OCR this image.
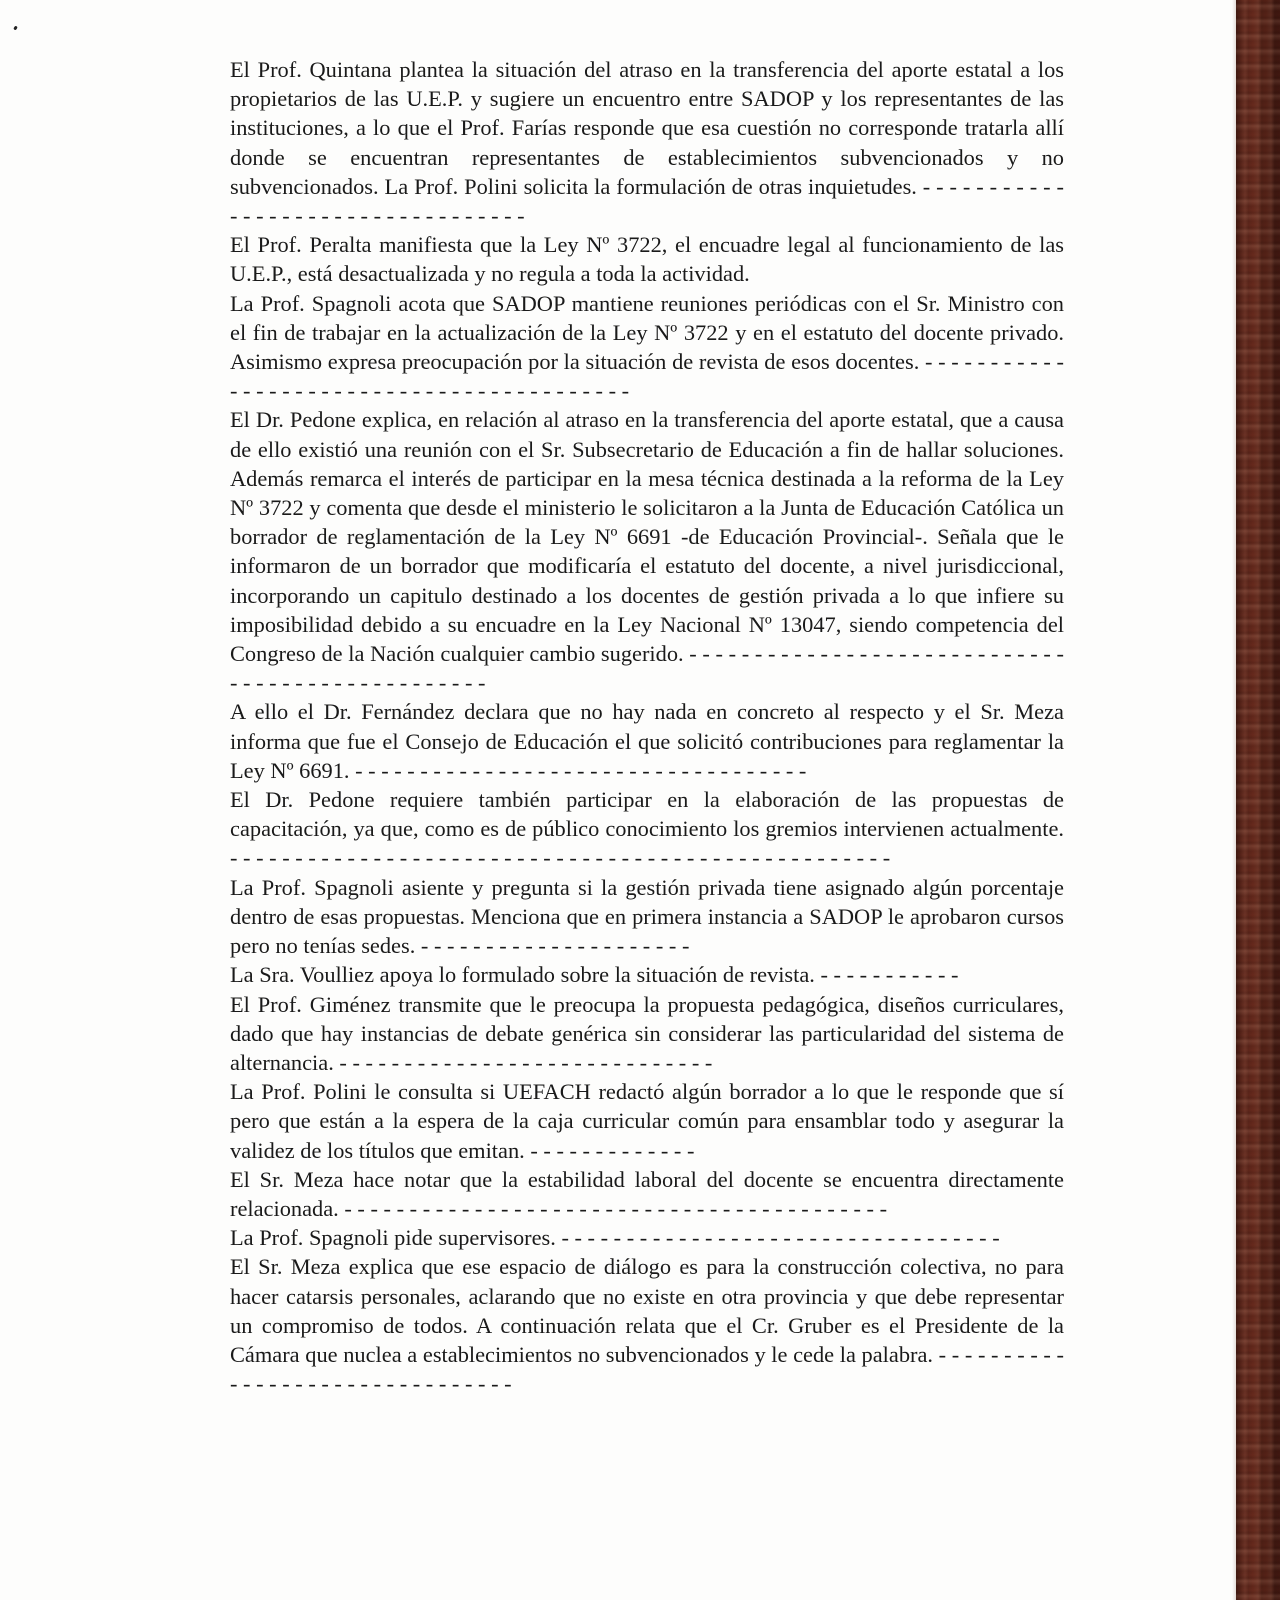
El Prof. Quintana plantea la situación del atraso en la transferencia del aporte estatal a los propietarios de las U.E.P. y sugiere un encuentro entre SADOP y los representantes de las instituciones, a lo que el Prof. Farías responde que esa cuestión no corresponde tratarla allí donde se encuentran representantes de establecimientos subvencionados y no subvencionados. La Prof. Polini solicita la formulación de otras inquietudes. - - - - - - - - - - - - - - - - - - - - - - - - - - - - - - - - - -

El Prof. Peralta manifiesta que la Ley Nº 3722, el encuadre legal al funcionamiento de las U.E.P., está desactualizada y no regula a toda la actividad.

La Prof. Spagnoli acota que SADOP mantiene reuniones periódicas con el Sr. Ministro con el fin de trabajar en la actualización de la Ley Nº 3722 y en el estatuto del docente privado. Asimismo expresa preocupación por la situación de revista de esos docentes. - - - - - - - - - - - - - - - - - - - - - - - - - - - - - - - - - - - - - - - - - -

El Dr. Pedone explica, en relación al atraso en la transferencia del aporte estatal, que a causa de ello existió una reunión con el Sr. Subsecretario de Educación a fin de hallar soluciones. Además remarca el interés de participar en la mesa técnica destinada a la reforma de la Ley Nº 3722 y comenta que desde el ministerio le solicitaron a la Junta de Educación Católica un borrador de reglamentación de la Ley Nº 6691 -de Educación Provincial-. Señala que le informaron de un borrador que modificaría el estatuto del docente, a nivel jurisdiccional, incorporando un capitulo destinado a los docentes de gestión privada a lo que infiere su imposibilidad debido a su encuadre en la Ley Nacional Nº 13047, siendo competencia del Congreso de la Nación cualquier cambio sugerido. - - - - - - - - - - - - - - - - - - - - - - - - - - - - - - - - - - - - - - - - - - - - - - - - -

A ello el Dr. Fernández declara que no hay nada en concreto al respecto y el Sr. Meza informa que fue el Consejo de Educación el que solicitó contribuciones para reglamentar la Ley Nº 6691. - - - - - - - - - - - - - - - - - - - - - - - - - - - - - - - - - - -

El Dr. Pedone requiere también participar en la elaboración de las propuestas de capacitación, ya que, como es de público conocimiento los gremios intervienen actualmente. - - - - - - - - - - - - - - - - - - - - - - - - - - - - - - - - - - - - - - - - - - - - - - - - - - -

La Prof. Spagnoli asiente y pregunta si la gestión privada tiene asignado algún porcentaje dentro de esas propuestas. Menciona que en primera instancia a SADOP le aprobaron cursos pero no tenías sedes. - - - - - - - - - - - - - - - - - - - - -

La Sra. Voulliez apoya lo formulado sobre la situación de revista. - - - - - - - - - - -

El Prof. Giménez transmite que le preocupa la propuesta pedagógica, diseños curriculares, dado que hay instancias de debate genérica sin considerar las particularidad del sistema de alternancia. - - - - - - - - - - - - - - - - - - - - - - - - - - - - -

La Prof. Polini le consulta si UEFACH redactó algún borrador a lo que le responde que sí pero que están a la espera de la caja curricular común para ensamblar todo y asegurar la validez de los títulos que emitan. - - - - - - - - - - - - -

El Sr. Meza hace notar que la estabilidad laboral del docente se encuentra directamente relacionada. - - - - - - - - - - - - - - - - - - - - - - - - - - - - - - - - - - - - - - - - - -

La Prof. Spagnoli pide supervisores. - - - - - - - - - - - - - - - - - - - - - - - - - - - - - - - - - -

El Sr. Meza explica que ese espacio de diálogo es para la construcción colectiva, no para hacer catarsis personales, aclarando que no existe en otra provincia y que debe representar un compromiso de todos. A continuación relata que el Cr. Gruber es el Presidente de la Cámara que nuclea a establecimientos no subvencionados y le cede la palabra. - - - - - - - - - - - - - - - - - - - - - - - - - - - - - - - -
